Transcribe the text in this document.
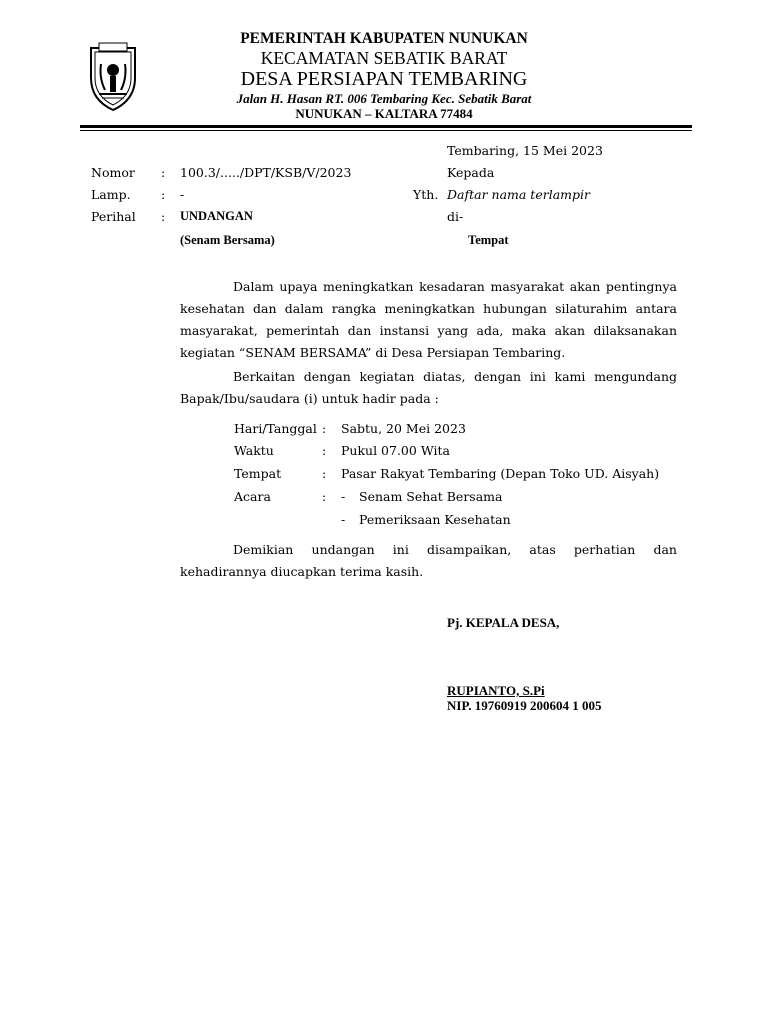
PEMERINTAH KABUPATEN NUNUKAN
KECAMATAN SEBATIK BARAT
DESA PERSIAPAN TEMBARING
Jalan H. Hasan RT. 006 Tembaring Kec. Sebatik Barat
NUNUKAN – KALTARA 77484
Tembaring, 15 Mei 2023
Kepada
Yth. Daftar nama terlampir
di-
Tempat
Nomor : 100.3/...../DPT/KSB/V/2023
Lamp. : -
Perihal : UNDANGAN
(Senam Bersama)
Dalam upaya meningkatkan kesadaran masyarakat akan pentingnya kesehatan dan dalam rangka meningkatkan hubungan silaturahim antara masyarakat, pemerintah dan instansi yang ada, maka akan dilaksanakan kegiatan “SENAM BERSAMA” di Desa Persiapan Tembaring.
Berkaitan dengan kegiatan diatas, dengan ini kami mengundang Bapak/Ibu/saudara (i) untuk hadir pada :
Hari/Tanggal : Sabtu, 20 Mei 2023
Waktu	: Pukul 07.00 Wita
Tempat	: Pasar Rakyat Tembaring (Depan Toko UD. Aisyah)
Acara	: - Senam Sehat Bersama
- Pemeriksaan Kesehatan
Demikian undangan ini disampaikan, atas perhatian dan kehadirannya diucapkan terima kasih.
Pj. KEPALA DESA,
RUPIANTO, S.Pi
NIP. 19760919 200604 1 005
